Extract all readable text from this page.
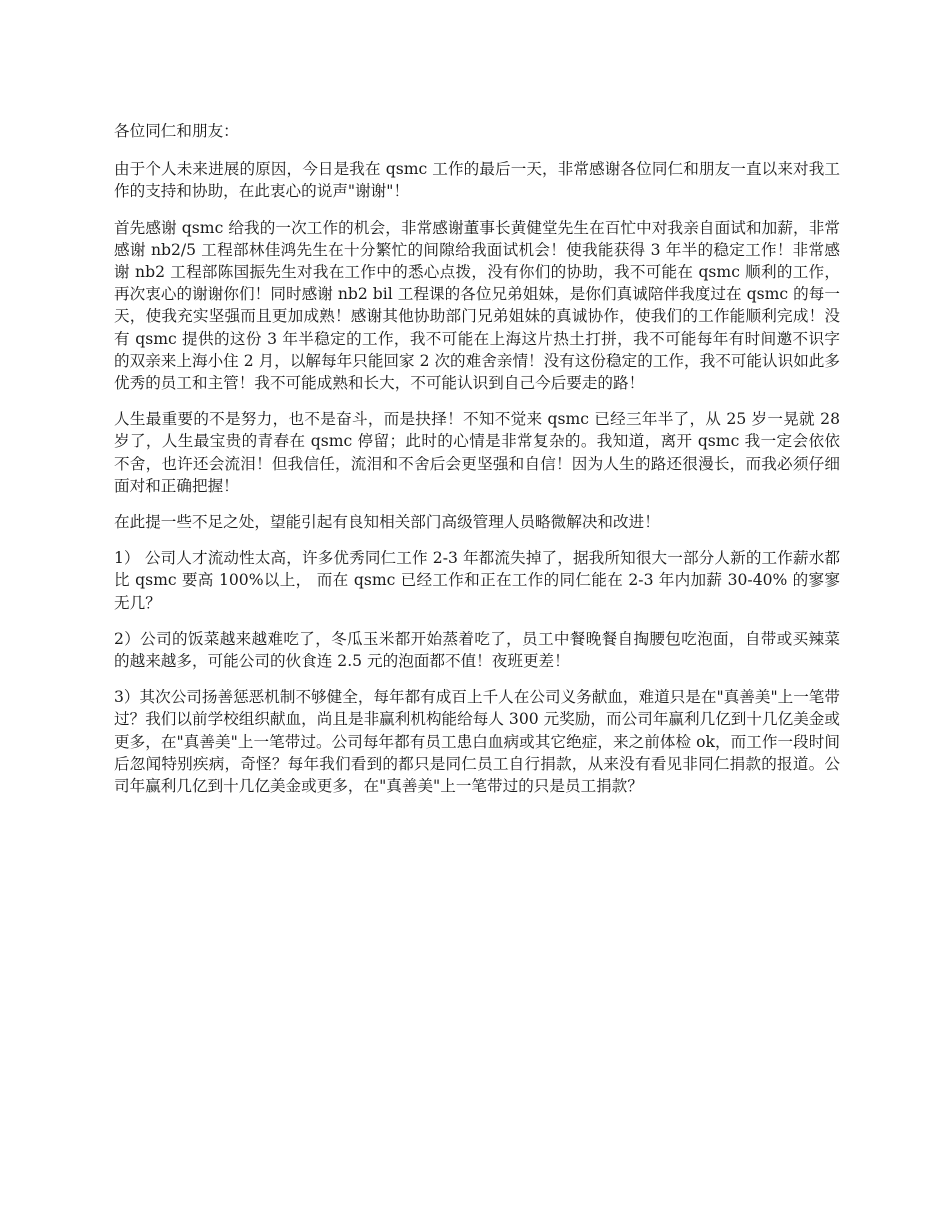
各位同仁和朋友：

由于个人未来进展的原因，今日是我在 qsmc 工作的最后一天，非常感谢各位同仁和朋友一直以来对我工作的支持和协助，在此衷心的说声"谢谢"！

首先感谢 qsmc 给我的一次工作的机会，非常感谢董事长黄健堂先生在百忙中对我亲自面试和加薪，非常感谢 nb2/5 工程部林佳鸿先生在十分繁忙的间隙给我面试机会！使我能获得 3 年半的稳定工作！非常感谢 nb2 工程部陈国振先生对我在工作中的悉心点拨，没有你们的协助，我不可能在 qsmc 顺利的工作，再次衷心的谢谢你们！同时感谢 nb2 bil 工程课的各位兄弟姐妹，是你们真诚陪伴我度过在 qsmc 的每一天，使我充实坚强而且更加成熟！感谢其他协助部门兄弟姐妹的真诚协作，使我们的工作能顺利完成！没有 qsmc 提供的这份 3 年半稳定的工作，我不可能在上海这片热土打拼，我不可能每年有时间邀不识字的双亲来上海小住 2 月，以解每年只能回家 2 次的难舍亲情！没有这份稳定的工作，我不可能认识如此多优秀的员工和主管！我不可能成熟和长大，不可能认识到自己今后要走的路！

人生最重要的不是努力，也不是奋斗，而是抉择！不知不觉来 qsmc 已经三年半了，从 25 岁一晃就 28 岁了，人生最宝贵的青春在 qsmc 停留；此时的心情是非常复杂的。我知道，离开 qsmc 我一定会依依不舍，也许还会流泪！但我信任，流泪和不舍后会更坚强和自信！因为人生的路还很漫长，而我必须仔细面对和正确把握！

在此提一些不足之处，望能引起有良知相关部门高级管理人员略微解决和改进！

1） 公司人才流动性太高，许多优秀同仁工作 2-3 年都流失掉了，据我所知很大一部分人新的工作薪水都比 qsmc 要高 100%以上， 而在 qsmc 已经工作和正在工作的同仁能在 2-3 年内加薪 30-40% 的寥寥无几？

2）公司的饭菜越来越难吃了，冬瓜玉米都开始蒸着吃了，员工中餐晚餐自掏腰包吃泡面，自带或买辣菜的越来越多，可能公司的伙食连 2.5 元的泡面都不值！夜班更差！

3）其次公司扬善惩恶机制不够健全，每年都有成百上千人在公司义务献血，难道只是在"真善美"上一笔带过？我们以前学校组织献血，尚且是非赢利机构能给每人 300 元奖励，而公司年赢利几亿到十几亿美金或更多，在"真善美"上一笔带过。公司每年都有员工患白血病或其它绝症，来之前体检 ok，而工作一段时间后忽闻特别疾病，奇怪？每年我们看到的都只是同仁员工自行捐款，从来没有看见非同仁捐款的报道。公司年赢利几亿到十几亿美金或更多，在"真善美"上一笔带过的只是员工捐款？
